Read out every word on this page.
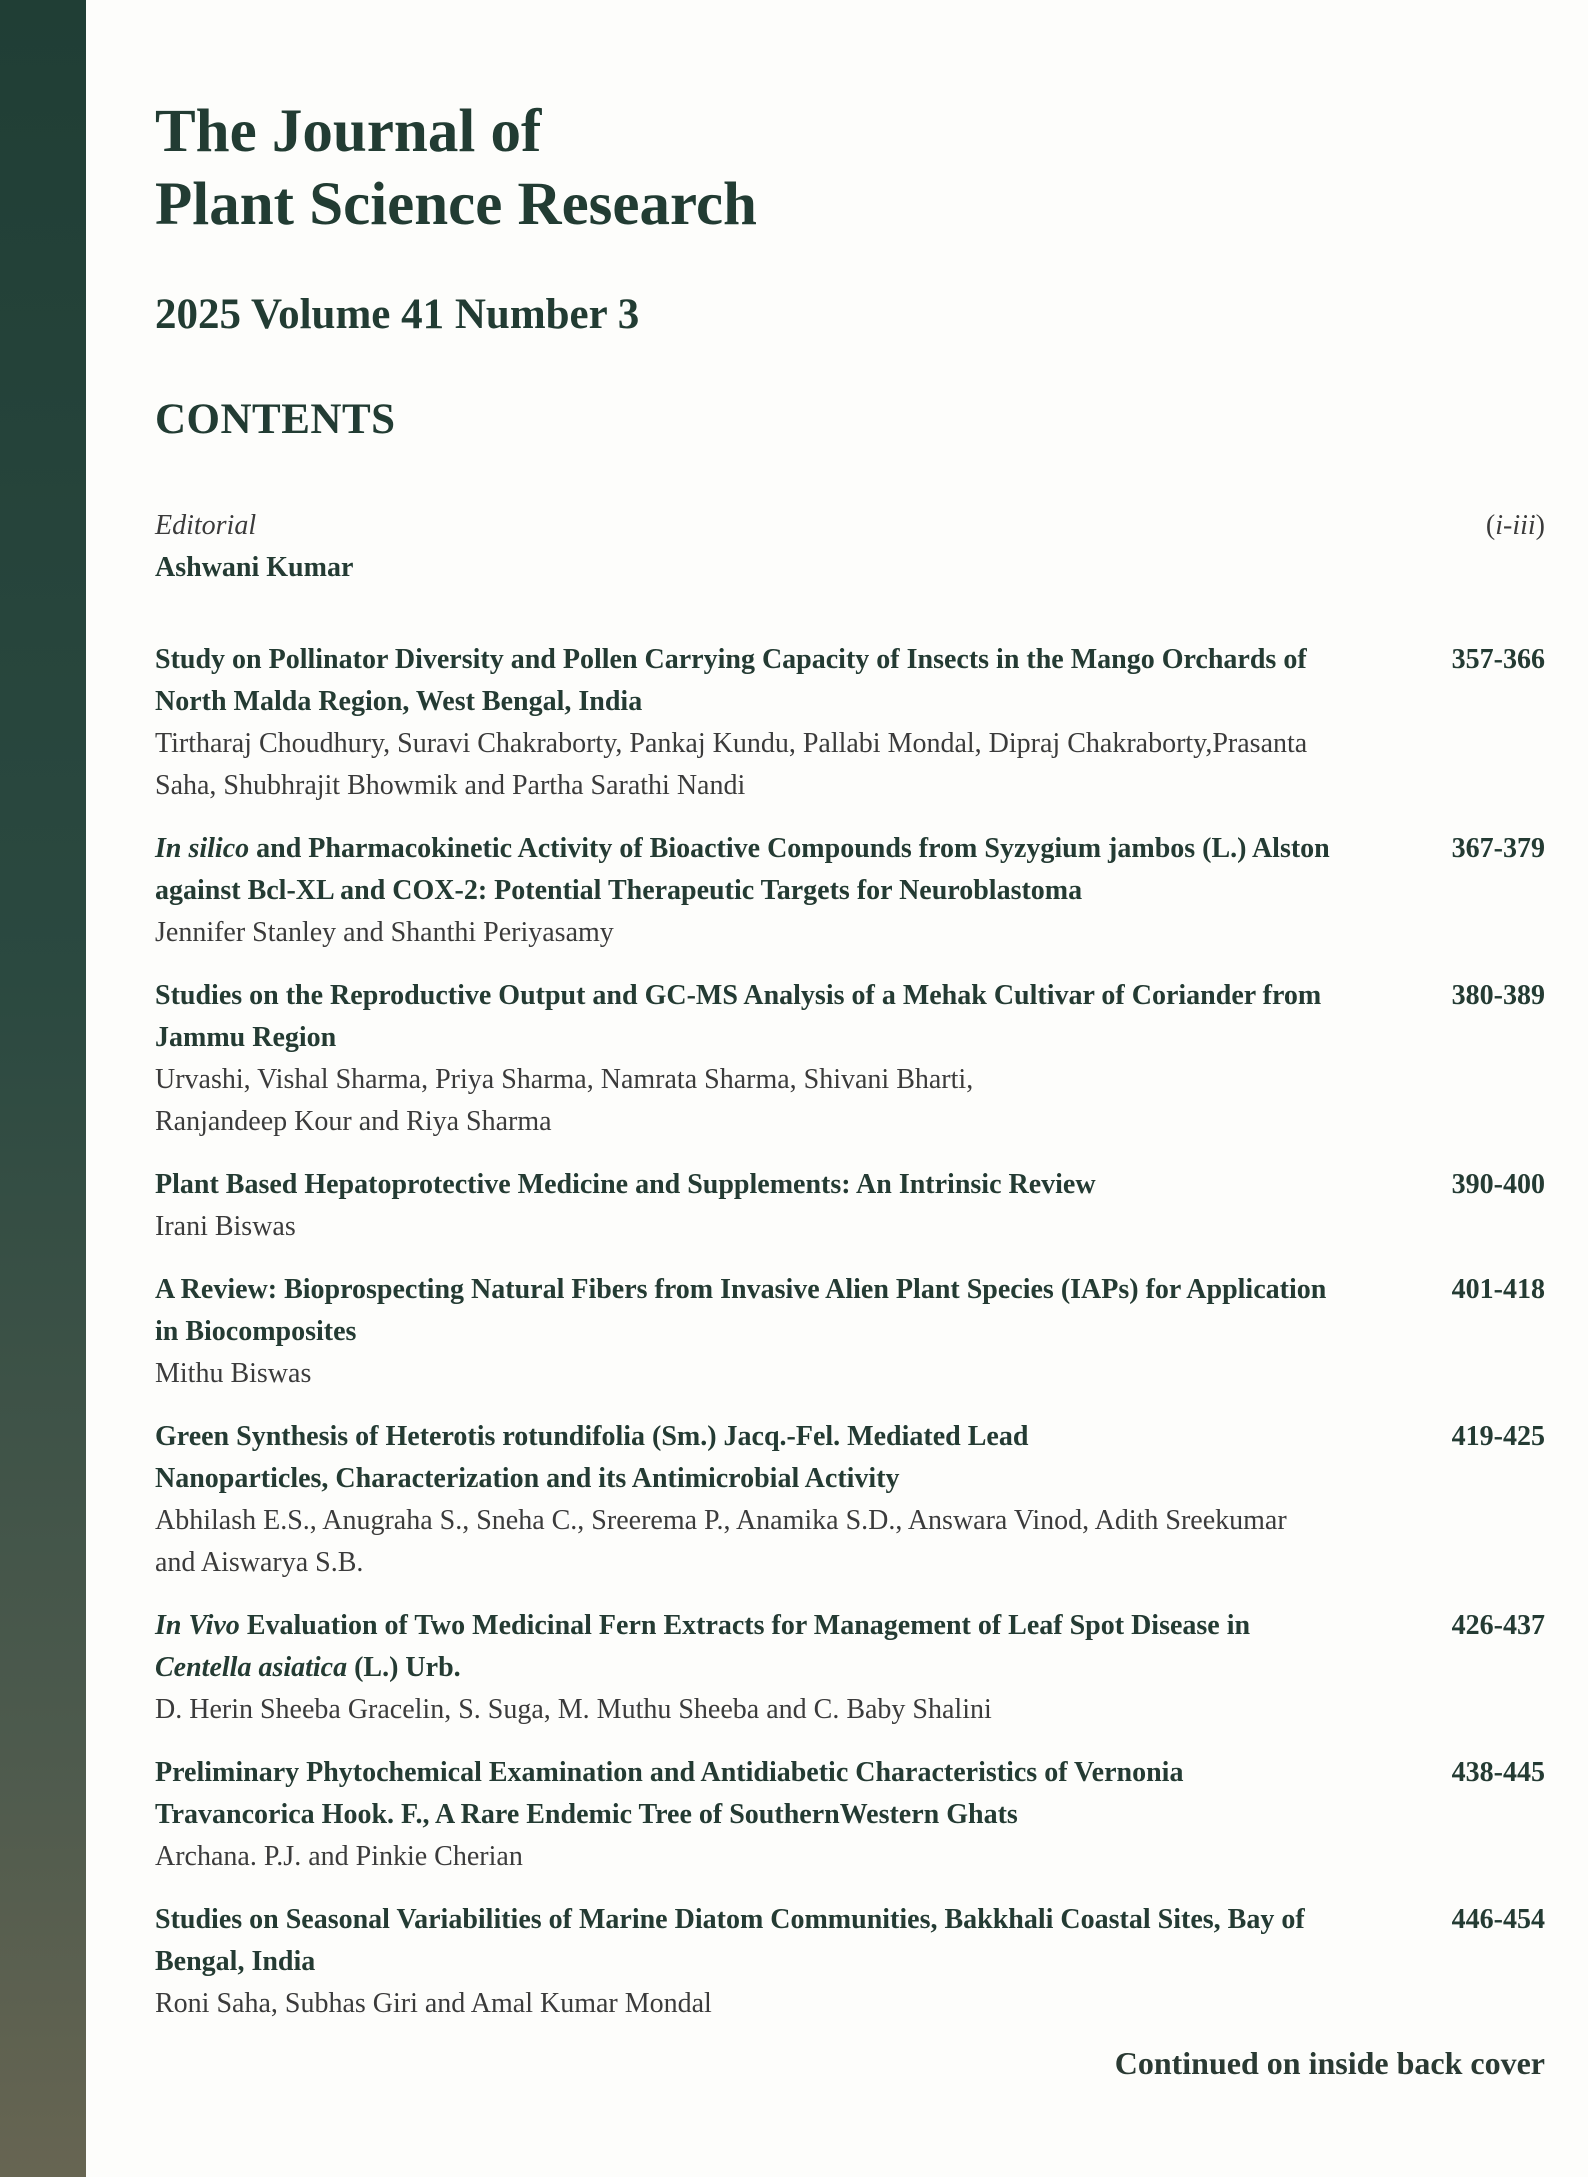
The Journal of
Plant Science Research
2025 Volume 41 Number 3
CONTENTS
Editorial
Ashwani Kumar
(i-iii)
Study on Pollinator Diversity and Pollen Carrying Capacity of Insects in the Mango Orchards of North Malda Region, West Bengal, India
Tirtharaj Choudhury, Suravi Chakraborty, Pankaj Kundu, Pallabi Mondal, Dipraj Chakraborty,Prasanta Saha, Shubhrajit Bhowmik and Partha Sarathi Nandi
357-366
In silico and Pharmacokinetic Activity of Bioactive Compounds from Syzygium jambos (L.) Alston against Bcl-XL and COX-2: Potential Therapeutic Targets for Neuroblastoma
Jennifer Stanley and Shanthi Periyasamy
367-379
Studies on the Reproductive Output and GC-MS Analysis of a Mehak Cultivar of Coriander from Jammu Region
Urvashi, Vishal Sharma, Priya Sharma, Namrata Sharma, Shivani Bharti,
Ranjandeep Kour and Riya Sharma
380-389
Plant Based Hepatoprotective Medicine and Supplements: An Intrinsic Review
Irani Biswas
390-400
A Review: Bioprospecting Natural Fibers from Invasive Alien Plant Species (IAPs) for Application in Biocomposites
Mithu Biswas
401-418
Green Synthesis of Heterotis rotundifolia (Sm.) Jacq.-Fel. Mediated Lead
Nanoparticles, Characterization and its Antimicrobial Activity
Abhilash E.S., Anugraha S., Sneha C., Sreerema P., Anamika S.D., Answara Vinod, Adith Sreekumar and Aiswarya S.B.
419-425
In Vivo Evaluation of Two Medicinal Fern Extracts for Management of Leaf Spot Disease in Centella asiatica (L.) Urb.
D. Herin Sheeba Gracelin, S. Suga, M. Muthu Sheeba and C. Baby Shalini
426-437
Preliminary Phytochemical Examination and Antidiabetic Characteristics of Vernonia Travancorica Hook. F., A Rare Endemic Tree of SouthernWestern Ghats
Archana. P.J. and Pinkie Cherian
438-445
Studies on Seasonal Variabilities of Marine Diatom Communities, Bakkhali Coastal Sites, Bay of Bengal, India
Roni Saha, Subhas Giri and Amal Kumar Mondal
446-454
Continued on inside back cover
